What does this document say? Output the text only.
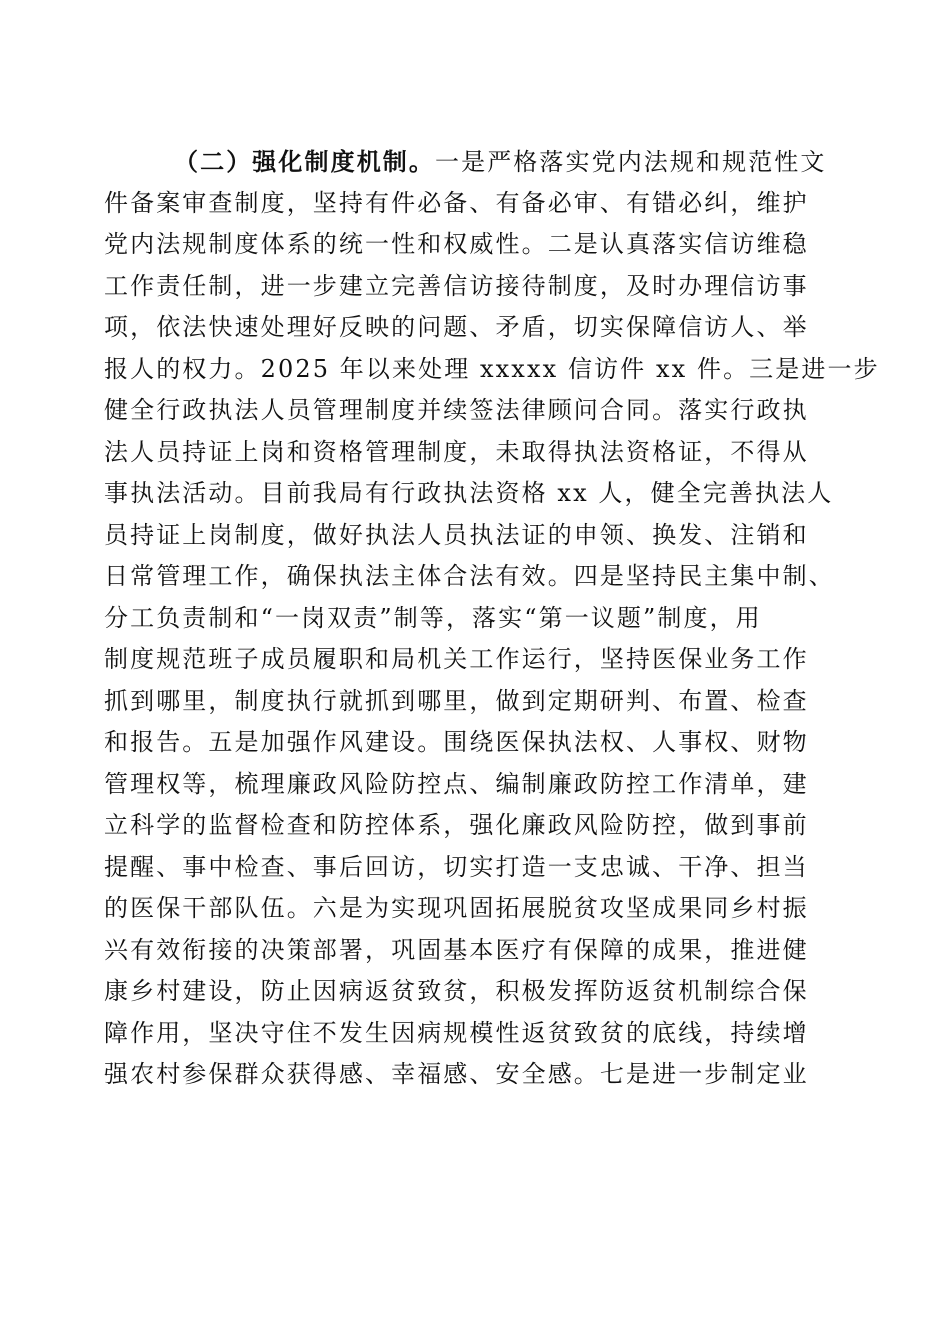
（二）强化制度机制。一是严格落实党内法规和规范性文
件备案审查制度，坚持有件必备、有备必审、有错必纠，维护
党内法规制度体系的统一性和权威性。二是认真落实信访维稳
工作责任制，进一步建立完善信访接待制度，及时办理信访事
项，依法快速处理好反映的问题、矛盾，切实保障信访人、举
报人的权力。2025 年以来处理 xxxxx 信访件 xx 件。三是进一步
健全行政执法人员管理制度并续签法律顾问合同。落实行政执
法人员持证上岗和资格管理制度，未取得执法资格证，不得从
事执法活动。目前我局有行政执法资格 xx 人，健全完善执法人
员持证上岗制度，做好执法人员执法证的申领、换发、注销和
日常管理工作，确保执法主体合法有效。四是坚持民主集中制、
分工负责制和“一岗双责”制等，落实“第一议题”制度，用
制度规范班子成员履职和局机关工作运行，坚持医保业务工作
抓到哪里，制度执行就抓到哪里，做到定期研判、布置、检查
和报告。五是加强作风建设。围绕医保执法权、人事权、财物
管理权等，梳理廉政风险防控点、编制廉政防控工作清单，建
立科学的监督检查和防控体系，强化廉政风险防控，做到事前
提醒、事中检查、事后回访，切实打造一支忠诚、干净、担当
的医保干部队伍。六是为实现巩固拓展脱贫攻坚成果同乡村振
兴有效衔接的决策部署，巩固基本医疗有保障的成果，推进健
康乡村建设，防止因病返贫致贫，积极发挥防返贫机制综合保
障作用，坚决守住不发生因病规模性返贫致贫的底线，持续增
强农村参保群众获得感、幸福感、安全感。七是进一步制定业
